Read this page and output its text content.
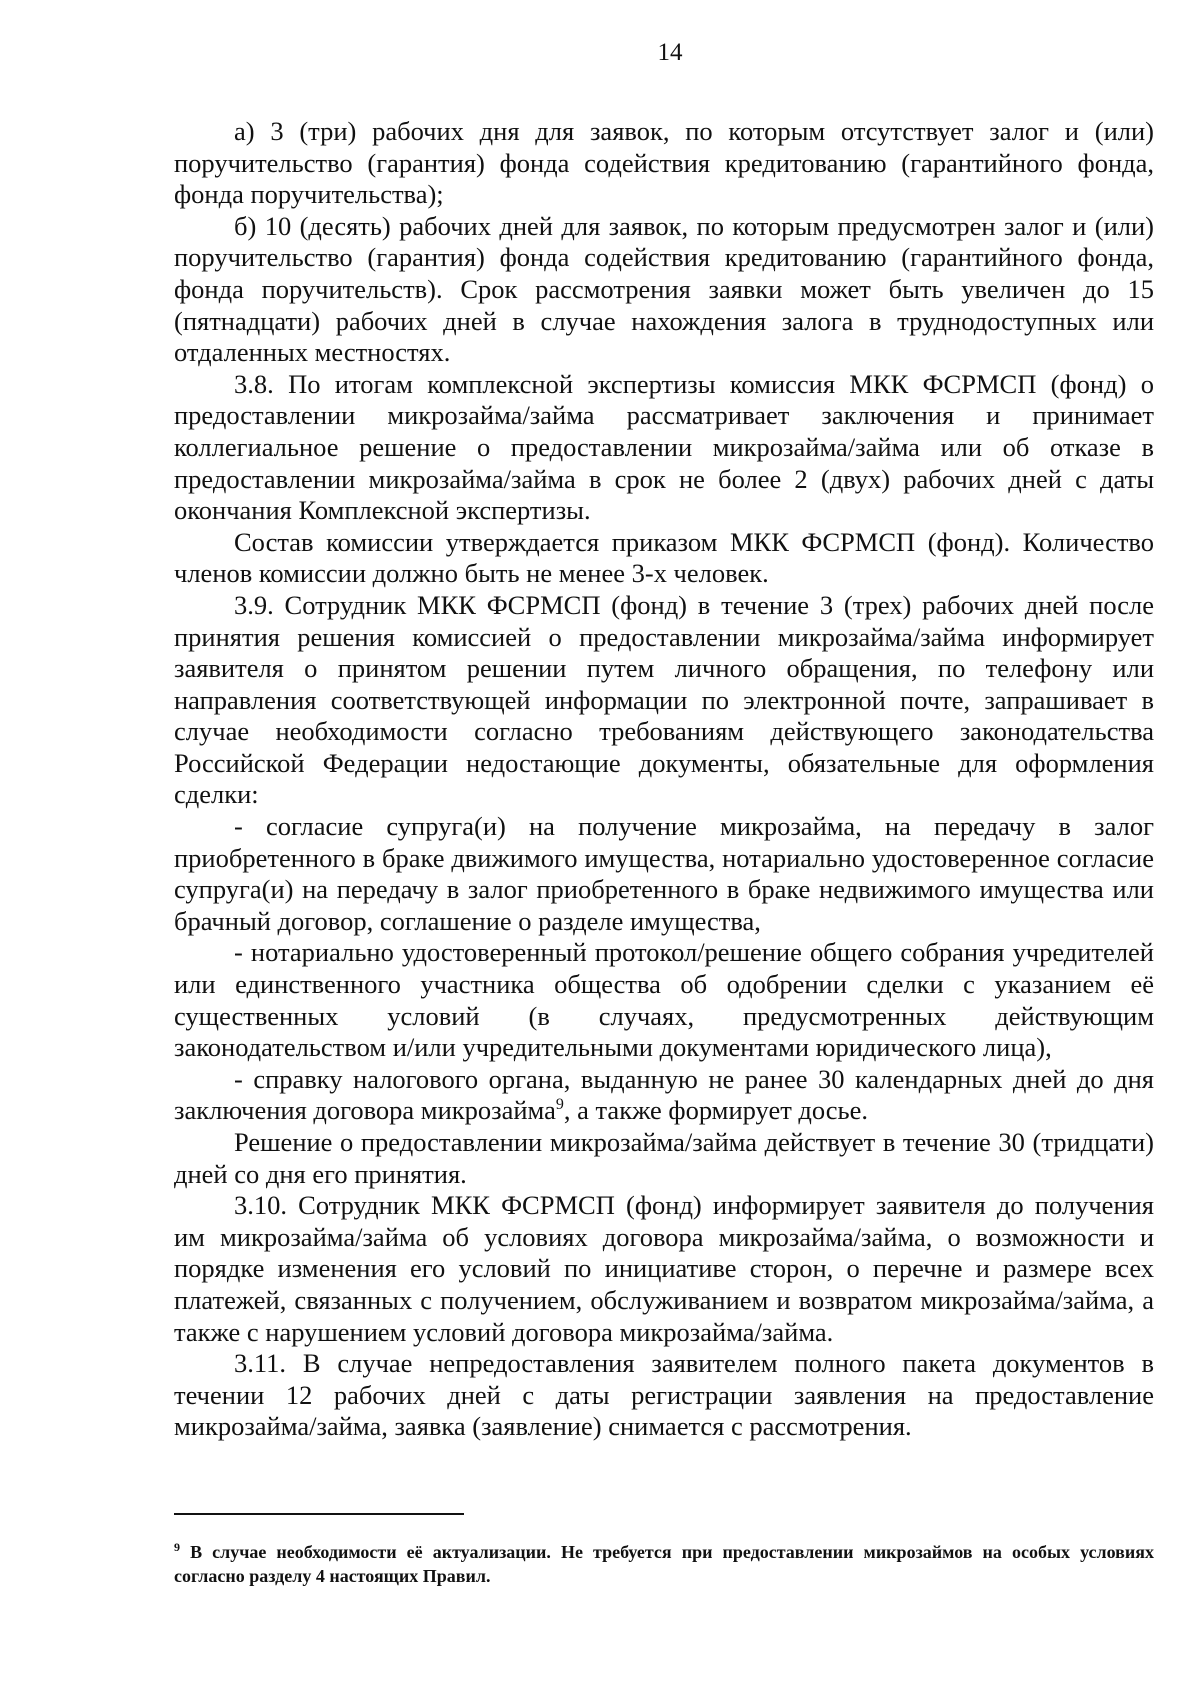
14

а) 3 (три) рабочих дня для заявок, по которым отсутствует залог и (или) поручительство (гарантия) фонда содействия кредитованию (гарантийного фонда, фонда поручительства);

б) 10 (десять) рабочих дней для заявок, по которым предусмотрен залог и (или) поручительство (гарантия) фонда содействия кредитованию (гарантийного фонда, фонда поручительств). Срок рассмотрения заявки может быть увеличен до 15 (пятнадцати) рабочих дней в случае нахождения залога в труднодоступных или отдаленных местностях.

3.8. По итогам комплексной экспертизы комиссия МКК ФСРМСП (фонд) о предоставлении микрозайма/займа рассматривает заключения и принимает коллегиальное решение о предоставлении микрозайма/займа или об отказе в предоставлении микрозайма/займа в срок не более 2 (двух) рабочих дней с даты окончания Комплексной экспертизы.

Состав комиссии утверждается приказом МКК ФСРМСП (фонд). Количество членов комиссии должно быть не менее 3-х человек.

3.9. Сотрудник МКК ФСРМСП (фонд) в течение 3 (трех) рабочих дней после принятия решения комиссией о предоставлении микрозайма/займа информирует заявителя о принятом решении путем личного обращения, по телефону или направления соответствующей информации по электронной почте, запрашивает в случае необходимости согласно требованиям действующего законодательства Российской Федерации недостающие документы, обязательные для оформления сделки:

- согласие супруга(и) на получение микрозайма, на передачу в залог приобретенного в браке движимого имущества, нотариально удостоверенное согласие супруга(и) на передачу в залог приобретенного в браке недвижимого имущества или брачный договор, соглашение о разделе имущества,

- нотариально удостоверенный протокол/решение общего собрания учредителей или единственного участника общества об одобрении сделки с указанием её существенных условий (в случаях, предусмотренных действующим законодательством и/или учредительными документами юридического лица),

- справку налогового органа, выданную не ранее 30 календарных дней до дня заключения договора микрозайма$^9$, а также формирует досье.

Решение о предоставлении микрозайма/займа действует в течение 30 (тридцати) дней со дня его принятия.

3.10. Сотрудник МКК ФСРМСП (фонд) информирует заявителя до получения им микрозайма/займа об условиях договора микрозайма/займа, о возможности и порядке изменения его условий по инициативе сторон, о перечне и размере всех платежей, связанных с получением, обслуживанием и возвратом микрозайма/займа, а также с нарушением условий договора микрозайма/займа.

3.11. В случае непредоставления заявителем полного пакета документов в течении 12 рабочих дней с даты регистрации заявления на предоставление микрозайма/займа, заявка (заявление) снимается с рассмотрения.

$^9$ В случае необходимости её актуализации. Не требуется при предоставлении микрозаймов на особых условиях согласно разделу 4 настоящих Правил.
